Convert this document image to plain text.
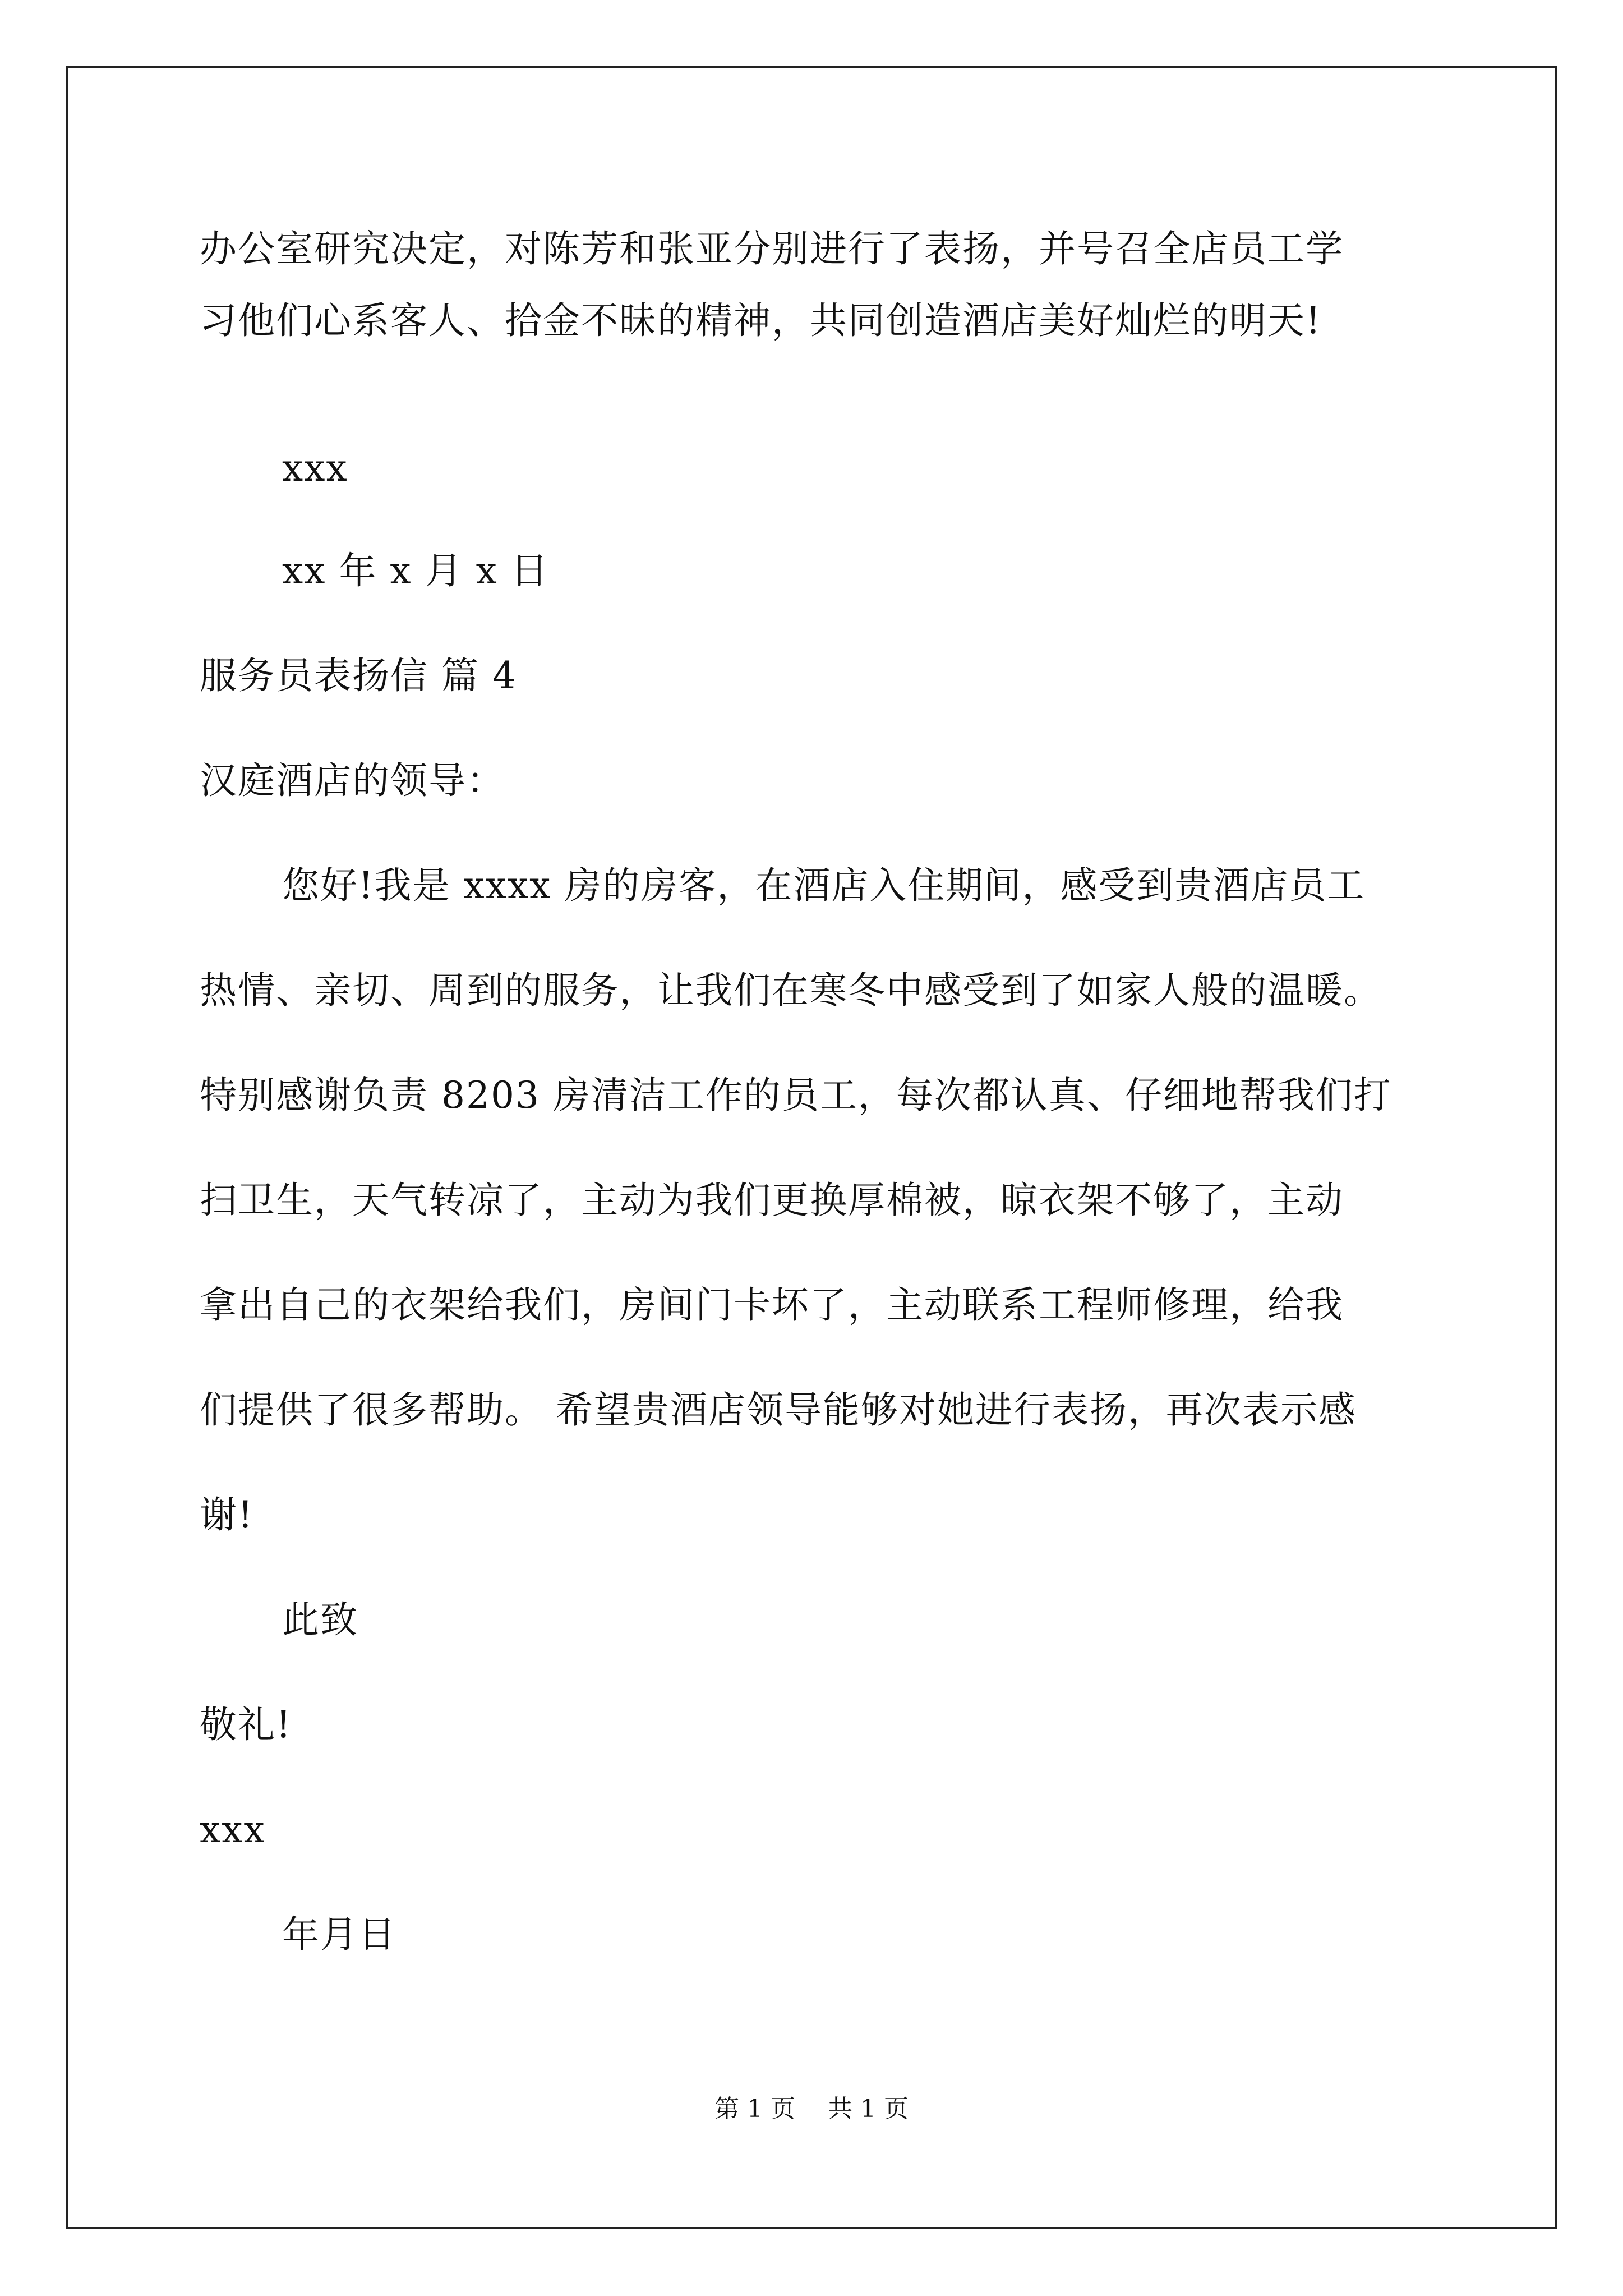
办公室研究决定，对陈芳和张亚分别进行了表扬，并号召全店员工学
习他们心系客人、拾金不昧的精神，共同创造酒店美好灿烂的明天!
xxx
xx 年 x 月 x 日
服务员表扬信 篇 4
汉庭酒店的领导：
您好!我是 xxxx 房的房客，在酒店入住期间，感受到贵酒店员工
热情、亲切、周到的服务，让我们在寒冬中感受到了如家人般的温暖。
特别感谢负责 8203 房清洁工作的员工，每次都认真、仔细地帮我们打
扫卫生，天气转凉了，主动为我们更换厚棉被，晾衣架不够了，主动
拿出自己的衣架给我们，房间门卡坏了，主动联系工程师修理，给我
们提供了很多帮助。 希望贵酒店领导能够对她进行表扬，再次表示感
谢!
此致
敬礼!
xxx
年月日
第 1 页　 共 1 页
